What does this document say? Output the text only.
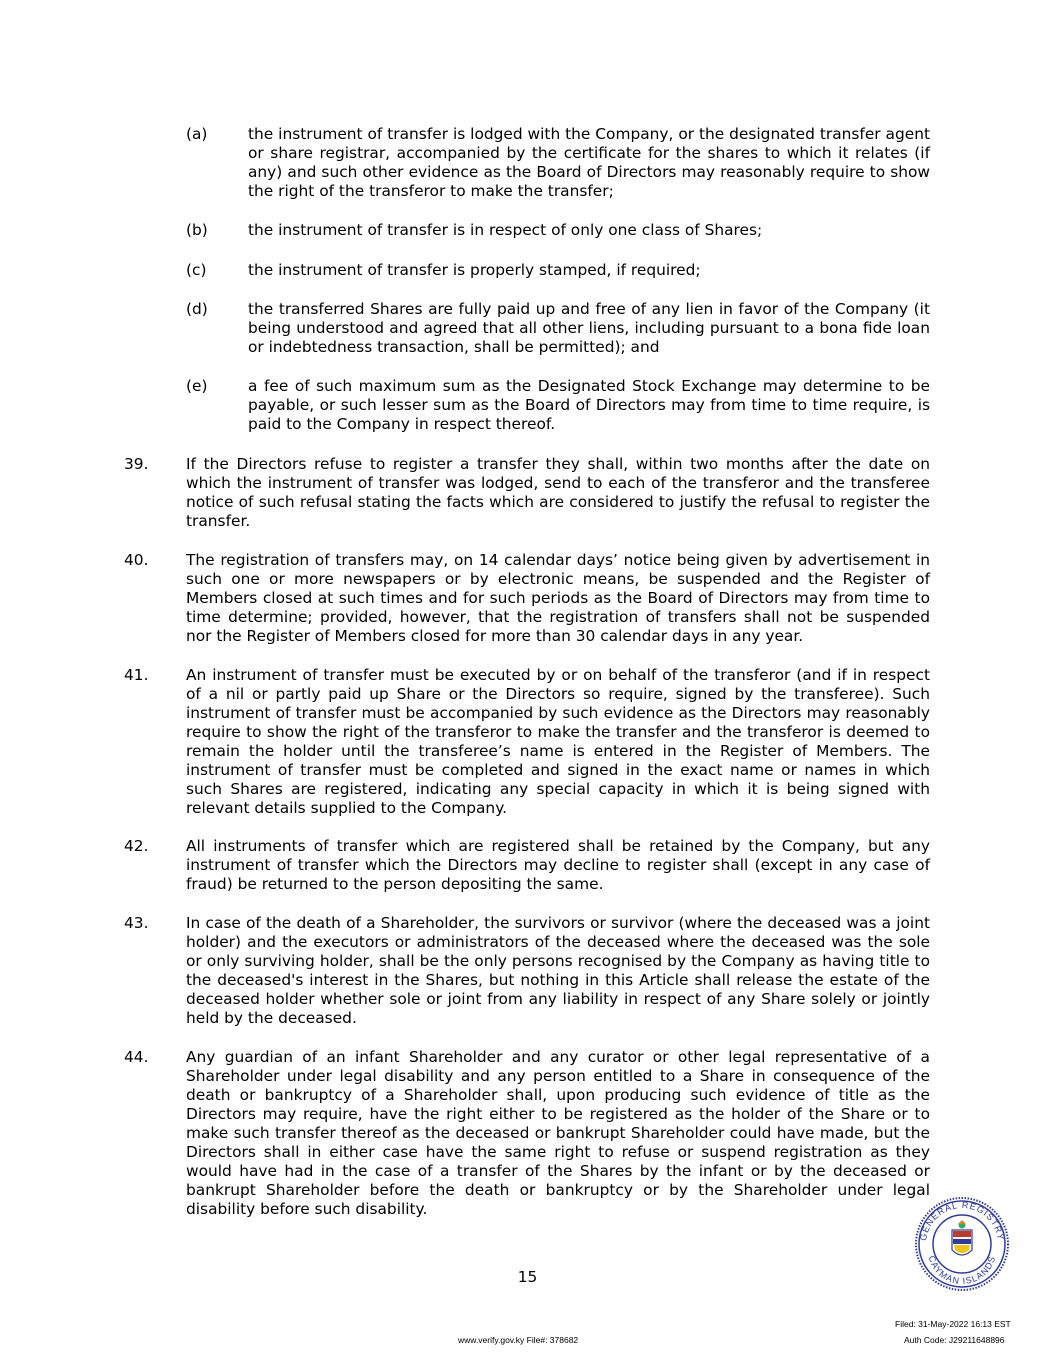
(a)	the instrument of transfer is lodged with the Company, or the designated transfer agent or share registrar, accompanied by the certificate for the shares to which it relates (if any) and such other evidence as the Board of Directors may reasonably require to show the right of the transferor to make the transfer;

(b)	the instrument of transfer is in respect of only one class of Shares;

(c)	the instrument of transfer is properly stamped, if required;

(d)	the transferred Shares are fully paid up and free of any lien in favor of the Company (it being understood and agreed that all other liens, including pursuant to a bona fide loan or indebtedness transaction, shall be permitted); and

(e)	a fee of such maximum sum as the Designated Stock Exchange may determine to be payable, or such lesser sum as the Board of Directors may from time to time require, is paid to the Company in respect thereof.

39. If the Directors refuse to register a transfer they shall, within two months after the date on which the instrument of transfer was lodged, send to each of the transferor and the transferee notice of such refusal stating the facts which are considered to justify the refusal to register the transfer.

40. The registration of transfers may, on 14 calendar days’ notice being given by advertisement in such one or more newspapers or by electronic means, be suspended and the Register of Members closed at such times and for such periods as the Board of Directors may from time to time determine; provided, however, that the registration of transfers shall not be suspended nor the Register of Members closed for more than 30 calendar days in any year.

41. An instrument of transfer must be executed by or on behalf of the transferor (and if in respect of a nil or partly paid up Share or the Directors so require, signed by the transferee). Such instrument of transfer must be accompanied by such evidence as the Directors may reasonably require to show the right of the transferor to make the transfer and the transferor is deemed to remain the holder until the transferee’s name is entered in the Register of Members. The instrument of transfer must be completed and signed in the exact name or names in which such Shares are registered, indicating any special capacity in which it is being signed with relevant details supplied to the Company.

42. All instruments of transfer which are registered shall be retained by the Company, but any instrument of transfer which the Directors may decline to register shall (except in any case of fraud) be returned to the person depositing the same.

43. In case of the death of a Shareholder, the survivors or survivor (where the deceased was a joint holder) and the executors or administrators of the deceased where the deceased was the sole or only surviving holder, shall be the only persons recognised by the Company as having title to the deceased's interest in the Shares, but nothing in this Article shall release the estate of the deceased holder whether sole or joint from any liability in respect of any Share solely or jointly held by the deceased.

44. Any guardian of an infant Shareholder and any curator or other legal representative of a Shareholder under legal disability and any person entitled to a Share in consequence of the death or bankruptcy of a Shareholder shall, upon producing such evidence of title as the Directors may require, have the right either to be registered as the holder of the Share or to make such transfer thereof as the deceased or bankrupt Shareholder could have made, but the Directors shall in either case have the same right to refuse or suspend registration as they would have had in the case of a transfer of the Shares by the infant or by the deceased or bankrupt Shareholder before the death or bankruptcy or by the Shareholder under legal disability before such disability.

15
GENERAL REGISTRY
CAYMAN ISLANDS
www.verify.gov.ky File#: 378682
Filed: 31-May-2022 16:13 EST
Auth Code: J29211648896
